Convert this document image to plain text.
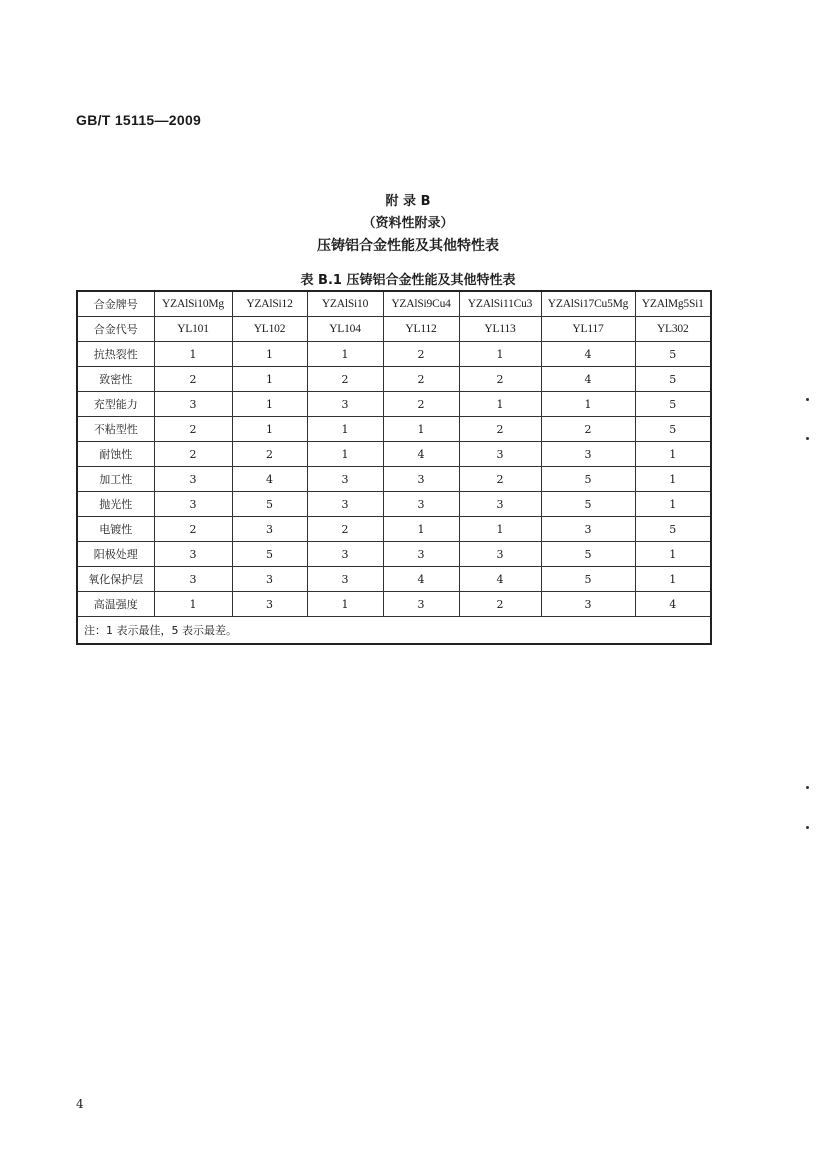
GB/T 15115—2009
附 录 B
（资料性附录）
压铸铝合金性能及其他特性表
表 B.1 压铸铝合金性能及其他特性表
合金牌号	YZAlSi10Mg	YZAlSi12	YZAlSi10	YZAlSi9Cu4	YZAlSi11Cu3	YZAlSi17Cu5Mg	YZAlMg5Si1
合金代号	YL101	YL102	YL104	YL112	YL113	YL117	YL302
抗热裂性	1	1	1	2	1	4	5
致密性	2	1	2	2	2	4	5
充型能力	3	1	3	2	1	1	5
不粘型性	2	1	1	1	2	2	5
耐蚀性	2	2	1	4	3	3	1
加工性	3	4	3	3	2	5	1
抛光性	3	5	3	3	3	5	1
电镀性	2	3	2	1	1	3	5
阳极处理	3	5	3	3	3	5	1
氧化保护层	3	3	3	4	4	5	1
高温强度	1	3	1	3	2	3	4
注：1 表示最佳，5 表示最差。							
4
